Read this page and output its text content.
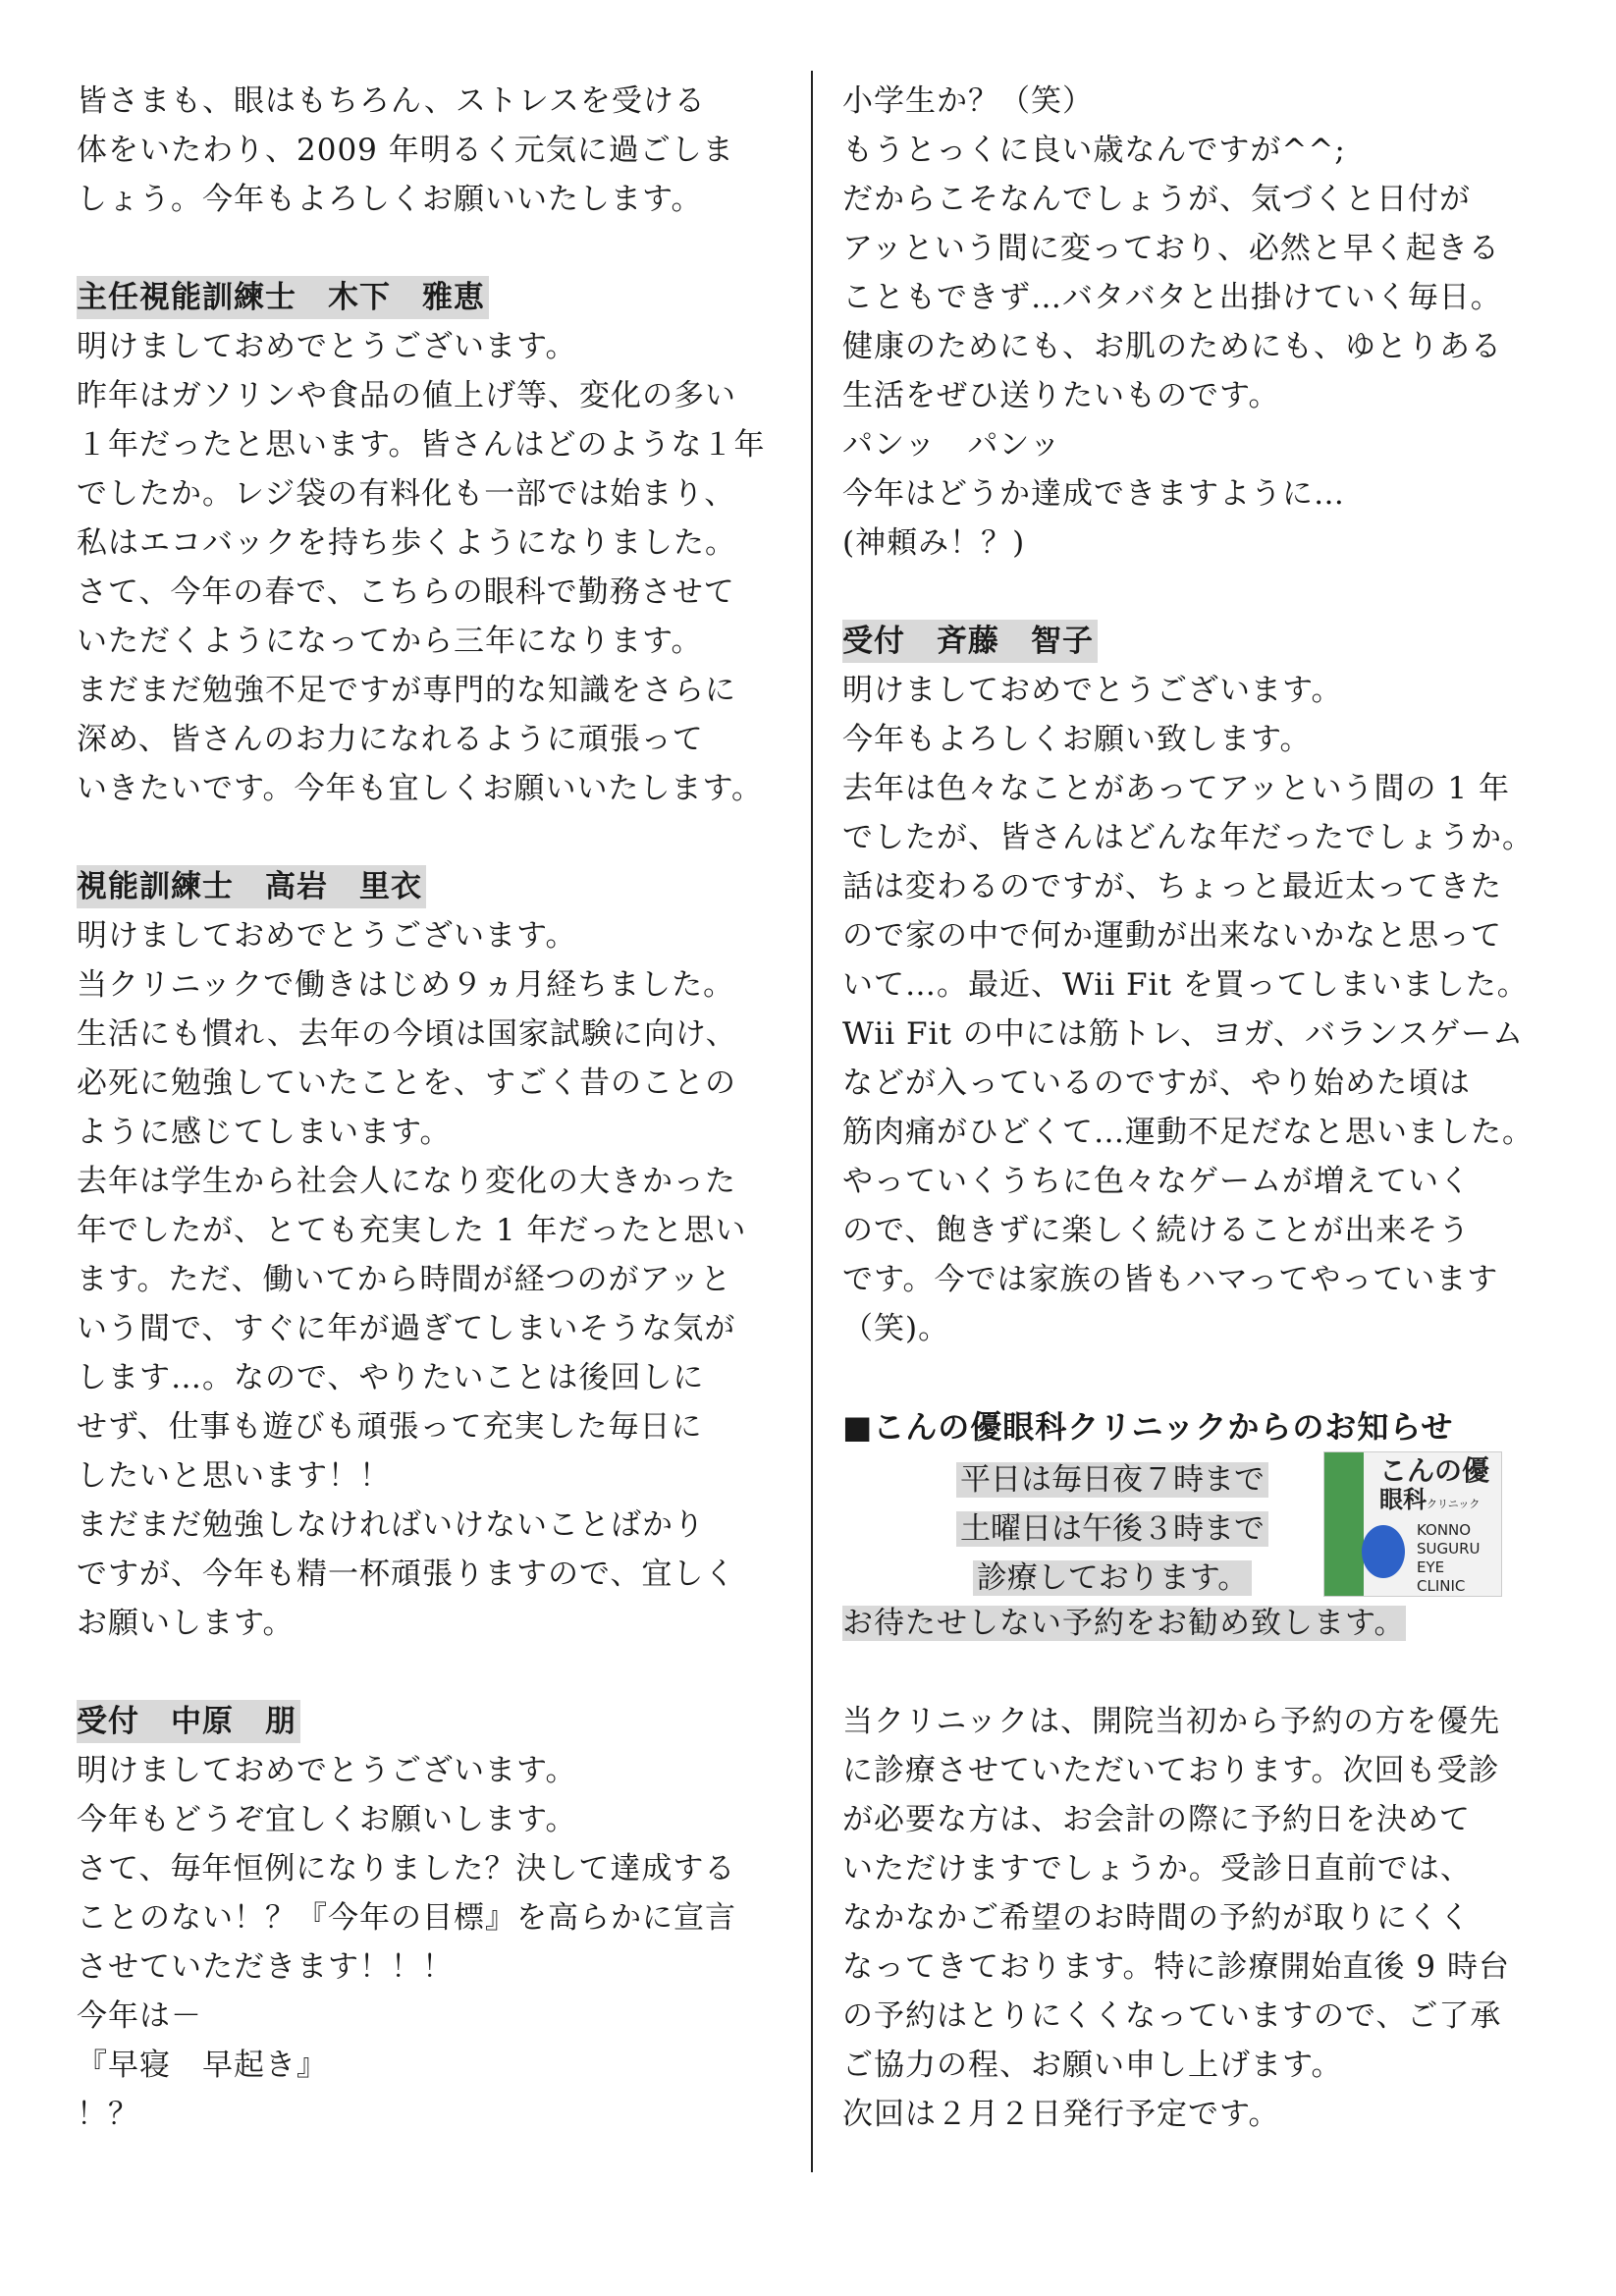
皆さまも、眼はもちろん、ストレスを受ける
体をいたわり、2009 年明るく元気に過ごしま
しょう。今年もよろしくお願いいたします。
主任視能訓練士　木下　雅恵
明けましておめでとうございます。
昨年はガソリンや食品の値上げ等、変化の多い
１年だったと思います。皆さんはどのような１年
でしたか。レジ袋の有料化も一部では始まり、
私はエコバックを持ち歩くようになりました。
さて、今年の春で、こちらの眼科で勤務させて
いただくようになってから三年になります。
まだまだ勉強不足ですが専門的な知識をさらに
深め、皆さんのお力になれるように頑張って
いきたいです。今年も宜しくお願いいたします。
視能訓練士　高岩　里衣
明けましておめでとうございます。
当クリニックで働きはじめ９ヵ月経ちました。
生活にも慣れ、去年の今頃は国家試験に向け、
必死に勉強していたことを、すごく昔のことの
ように感じてしまいます。
去年は学生から社会人になり変化の大きかった
年でしたが、とても充実した 1 年だったと思い
ます。ただ、働いてから時間が経つのがアッと
いう間で、すぐに年が過ぎてしまいそうな気が
します…。なので、やりたいことは後回しに
せず、仕事も遊びも頑張って充実した毎日に
したいと思います！！
まだまだ勉強しなければいけないことばかり
ですが、今年も精一杯頑張りますので、宜しく
お願いします。
受付　中原　朋
明けましておめでとうございます。
今年もどうぞ宜しくお願いします。
さて、毎年恒例になりました？決して達成する
ことのない！？『今年の目標』を高らかに宣言
させていただきます！！！
今年は－
『早寝　早起き』
！？
小学生か？（笑）
もうとっくに良い歳なんですが^^;
だからこそなんでしょうが、気づくと日付が
アッという間に変っており、必然と早く起きる
こともできず…バタバタと出掛けていく毎日。
健康のためにも、お肌のためにも、ゆとりある
生活をぜひ送りたいものです。
パンッ　パンッ
今年はどうか達成できますように…
(神頼み！？)
受付　斉藤　智子
明けましておめでとうございます。
今年もよろしくお願い致します。
去年は色々なことがあってアッという間の 1 年
でしたが、皆さんはどんな年だったでしょうか。
話は変わるのですが、ちょっと最近太ってきた
ので家の中で何か運動が出来ないかなと思って
いて…。最近、Wii Fit を買ってしまいました。
Wii Fit の中には筋トレ、ヨガ、バランスゲーム
などが入っているのですが、やり始めた頃は
筋肉痛がひどくて…運動不足だなと思いました。
やっていくうちに色々なゲームが増えていく
ので、飽きずに楽しく続けることが出来そう
です。今では家族の皆もハマってやっています
（笑)。
■こんの優眼科クリニックからのお知らせ
平日は毎日夜７時まで
土曜日は午後３時まで
診療しております。
こんの優
眼科クリニック
KONNO
SUGURU
EYE
CLINIC
お待たせしない予約をお勧め致します。
当クリニックは、開院当初から予約の方を優先
に診療させていただいております。次回も受診
が必要な方は、お会計の際に予約日を決めて
いただけますでしょうか。受診日直前では、
なかなかご希望のお時間の予約が取りにくく
なってきております。特に診療開始直後 9 時台
の予約はとりにくくなっていますので、ご了承
ご協力の程、お願い申し上げます。
次回は２月２日発行予定です。
